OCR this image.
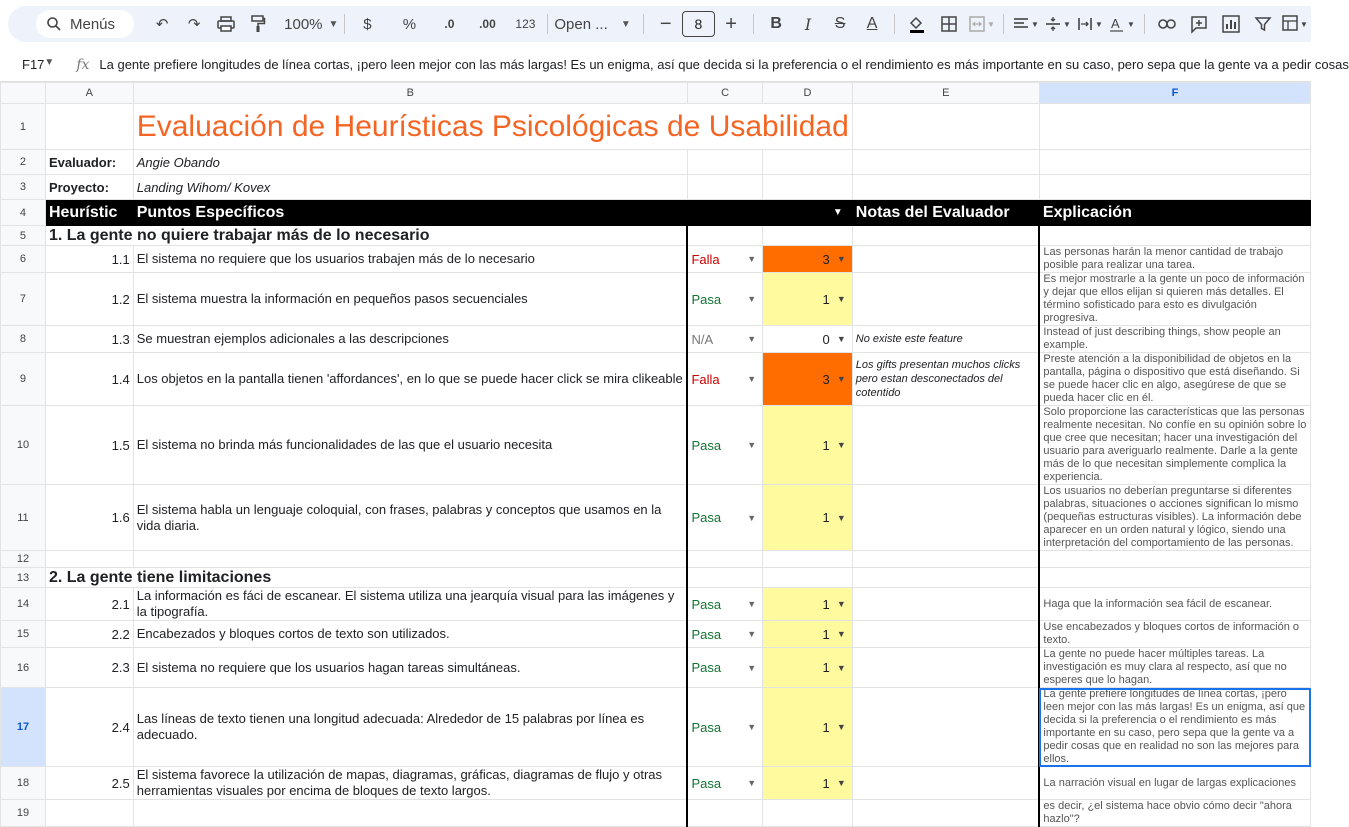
Menús	↶	↷	100% ▼	$	%	.0	.00	123 Open ... ▼	−	8	+	B	I	S	A	▼	▼	▼	▼ A ▼	▼
F17 ▼ fx La gente prefiere longitudes de línea cortas, ¡pero leen mejor con las más largas! Es un enigma, así que decida si la preferencia o el rendimiento es más importante en su caso, pero sepa que la gente va a pedir cosas
	A	B	C	D	E	F
1		Evaluación de Heurísticas Psicológicas de Usabilidad				
2	Evaluador:	Angie Obando				
3	Proyecto:	Landing Wihom/ Kovex				
4	Heurístic	Puntos Específicos		▼	Notas del Evaluador	Explicación
5	1. La gente no quiere trabajar más de lo necesario					
6	1.1	El sistema no requiere que los usuarios trabajen más de lo necesario	Falla ▼	3 ▼		Las personas harán la menor cantidad de trabajo posible para realizar una tarea.
7	1.2	El sistema muestra la información en pequeños pasos secuenciales	Pasa ▼	1 ▼		Es mejor mostrarle a la gente un poco de información y dejar que ellos elijan si quieren más detalles. El término sofisticado para esto es divulgación progresiva.
8	1.3	Se muestran ejemplos adicionales a las descripciones	N/A ▼	0 ▼	No existe este feature	Instead of just describing things, show people an example.
9	1.4	Los objetos en la pantalla tienen 'affordances', en lo que se puede hacer click se mira clikeable	Falla ▼	3 ▼	Los gifts presentan muchos clicks pero estan desconectados del cotentido	Preste atención a la disponibilidad de objetos en la pantalla, página o dispositivo que está diseñando. Si se puede hacer clic en algo, asegúrese de que se pueda hacer clic en él.
10	1.5	El sistema no brinda más funcionalidades de las que el usuario necesita	Pasa ▼	1 ▼		Solo proporcione las características que las personas realmente necesitan. No confíe en su opinión sobre lo que cree que necesitan; hacer una investigación del usuario para averiguarlo realmente. Darle a la gente más de lo que necesitan simplemente complica la experiencia.
11	1.6	El sistema habla un lenguaje coloquial, con frases, palabras y conceptos que usamos en la vida diaria.	Pasa ▼	1 ▼		Los usuarios no deberían preguntarse si diferentes palabras, situaciones o acciones significan lo mismo (pequeñas estructuras visibles). La información debe aparecer en un orden natural y lógico, siendo una interpretación del comportamiento de las personas.
12						
13	2. La gente tiene limitaciones					
14	2.1	La información es fáci de escanear. El sistema utiliza una jearquía visual para las imágenes y la tipografía.	Pasa ▼	1 ▼		Haga que la información sea fácil de escanear.
15	2.2	Encabezados y bloques cortos de texto son utilizados.	Pasa ▼	1 ▼		Use encabezados y bloques cortos de información o texto.
16	2.3	El sistema no requiere que los usuarios hagan tareas simultáneas.	Pasa ▼	1 ▼		La gente no puede hacer múltiples tareas. La investigación es muy clara al respecto, así que no esperes que lo hagan.
17	2.4	Las líneas de texto tienen una longitud adecuada: Alrededor de 15 palabras por línea es adecuado.	Pasa ▼	1 ▼		La gente prefiere longitudes de línea cortas, ¡pero leen mejor con las más largas! Es un enigma, así que decida si la preferencia o el rendimiento es más importante en su caso, pero sepa que la gente va a pedir cosas que en realidad no son las mejores para ellos.
18	2.5	El sistema favorece la utilización de mapas, diagramas, gráficas, diagramas de flujo y otras herramientas visuales por encima de bloques de texto largos.	Pasa ▼	1 ▼		La narración visual en lugar de largas explicaciones
19						es decir, ¿el sistema hace obvio cómo decir "ahora hazlo"?
